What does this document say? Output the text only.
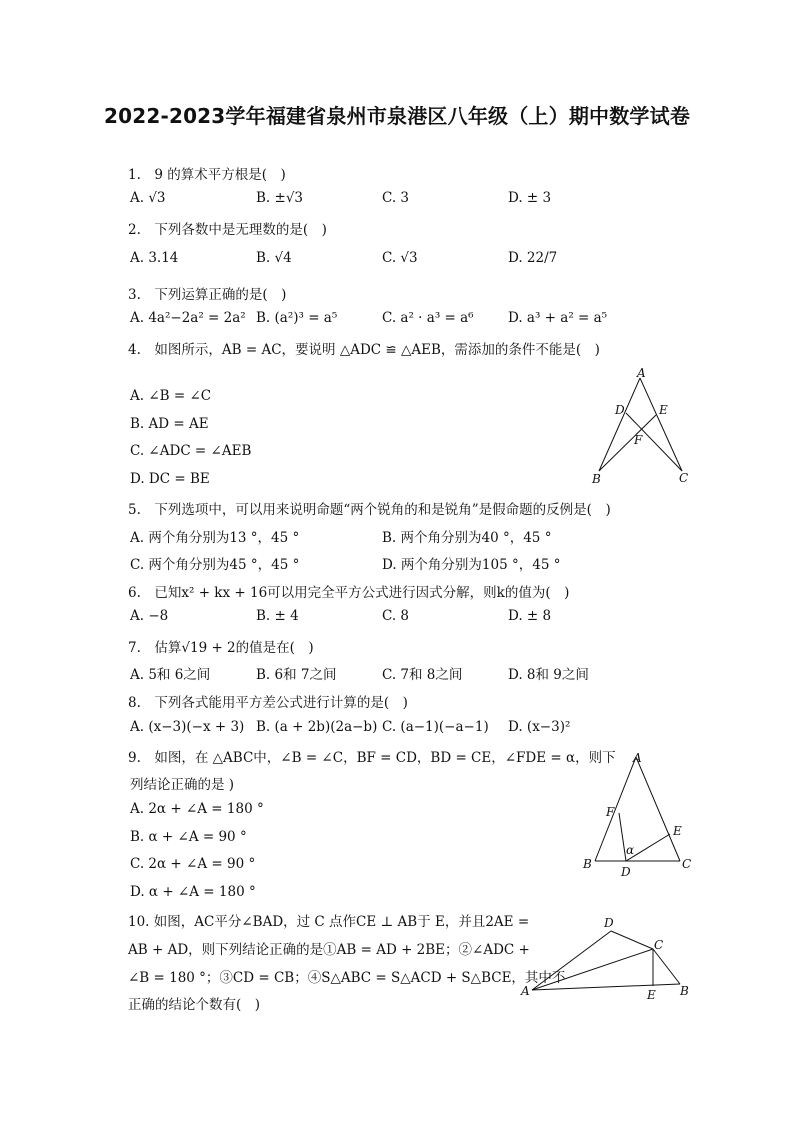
2022-2023学年福建省泉州市泉港区八年级（上）期中数学试卷
1.　9 的算术平方根是(　)
A. √3	B. ±√3	C. 3	D. ± 3
2.　下列各数中是无理数的是(　)
A. 3.14	B. √4	C. √3	D. 22/7
3.　下列运算正确的是(　)
A. 4a²−2a² = 2a² B. (a²)³ = a⁵	C. a² · a³ = a⁶	D. a³ + a² = a⁵
4.　如图所示，AB = AC，要说明 △ADC ≌ △AEB，需添加的条件不能是(　)
A. ∠B = ∠C
B. AD = AE
C. ∠ADC = ∠AEB
D. DC = BE
A
D	E
F
B	C
5.　下列选项中，可以用来说明命题“两个锐角的和是锐角”是假命题的反例是(　)
A. 两个角分别为13 °，45 °	B. 两个角分别为40 °，45 °
C. 两个角分别为45 °，45 °	D. 两个角分别为105 °，45 °
6.　已知x² + kx + 16可以用完全平方公式进行因式分解，则k的值为(　)
A. −8	B. ± 4	C. 8	D. ± 8
7.　估算√19 + 2的值是在(　)
A. 5和 6之间	B. 6和 7之间	C. 7和 8之间	D. 8和 9之间
8.　下列各式能用平方差公式进行计算的是(　)
A. (x−3)(−x + 3) B. (a + 2b)(2a−b) C. (a−1)(−a−1) D. (x−3)²
9.　如图，在 △ABC中，∠B = ∠C，BF = CD，BD = CE，∠FDE = α，则下
列结论正确的是 )
A. 2α + ∠A = 180 °
B. α + ∠A = 90 °
C. 2α + ∠A = 90 °
D. α + ∠A = 180 °
A
F
E
α
B	C
D
10. 如图，AC平分∠BAD，过 C 点作CE ⊥ AB于 E，并且2AE =
AB + AD，则下列结论正确的是①AB = AD + 2BE；②∠ADC +
∠B = 180 °；③CD = CB；④S△ABC = S△ACD + S△BCE，其中不
正确的结论个数有(　)
D
C
A	E B
